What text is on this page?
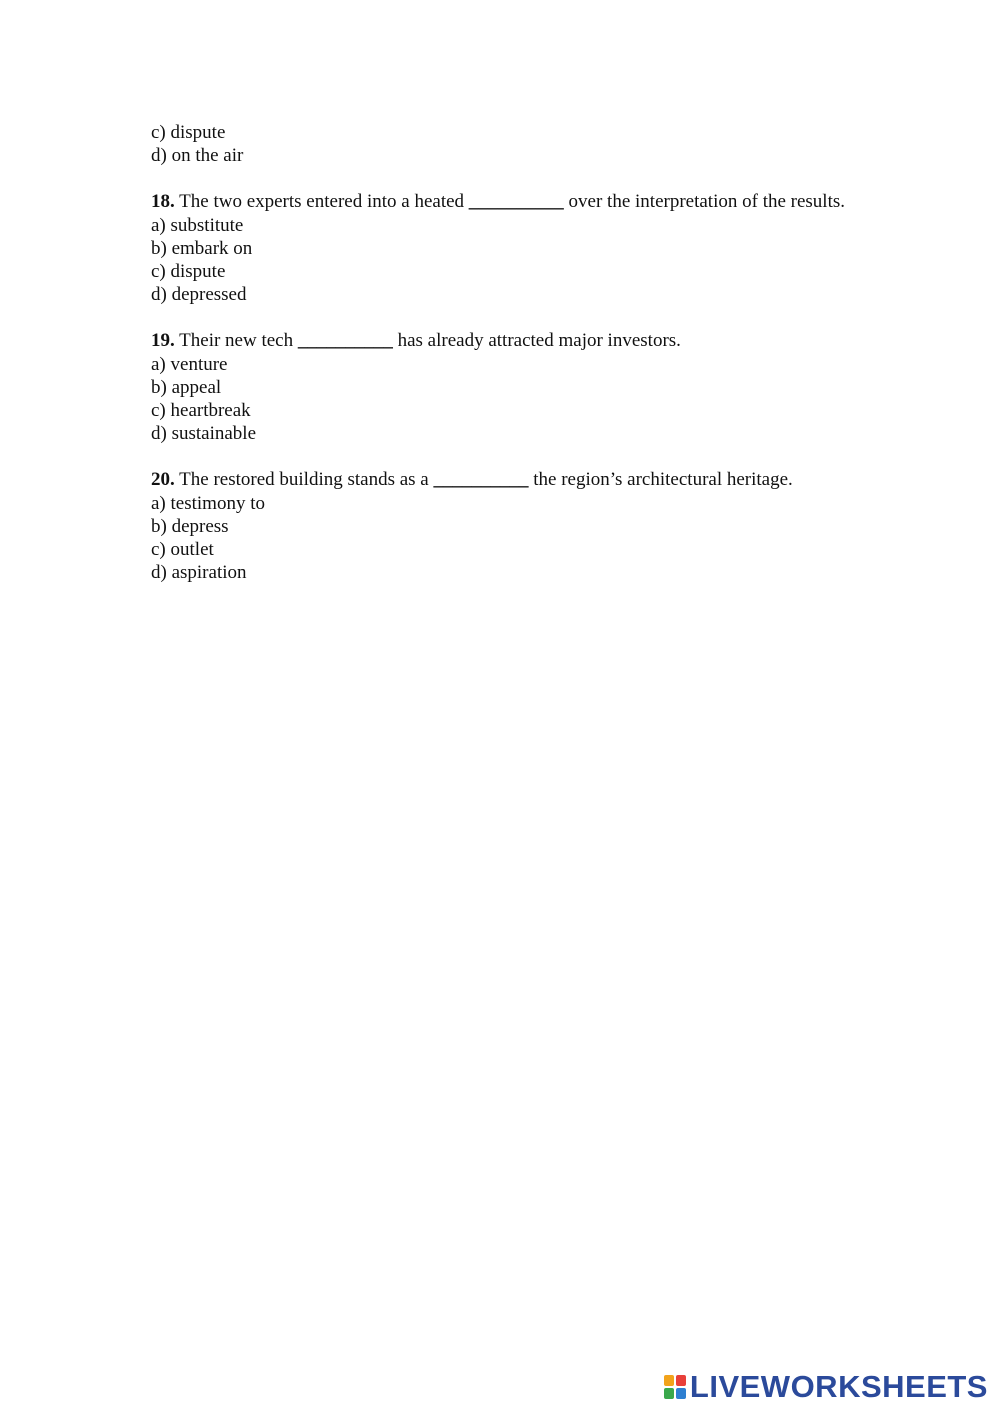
c) dispute
d) on the air
18. The two experts entered into a heated __________ over the interpretation of the results.
a) substitute
b) embark on
c) dispute
d) depressed
19. Their new tech __________ has already attracted major investors.
a) venture
b) appeal
c) heartbreak
d) sustainable
20. The restored building stands as a __________ the region’s architectural heritage.
a) testimony to
b) depress
c) outlet
d) aspiration
LIVEWORKSHEETS
